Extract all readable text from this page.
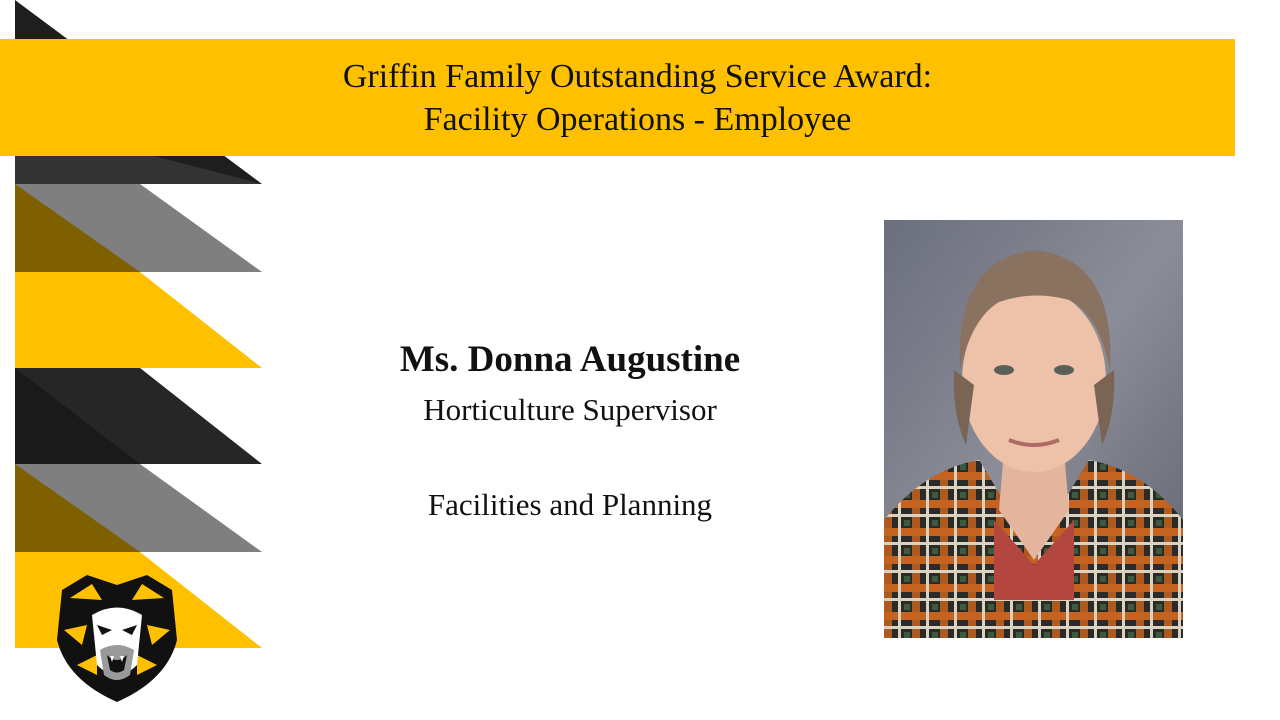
Griffin Family Outstanding Service Award:
Facility Operations - Employee
Ms. Donna Augustine
Horticulture Supervisor
Facilities and Planning
